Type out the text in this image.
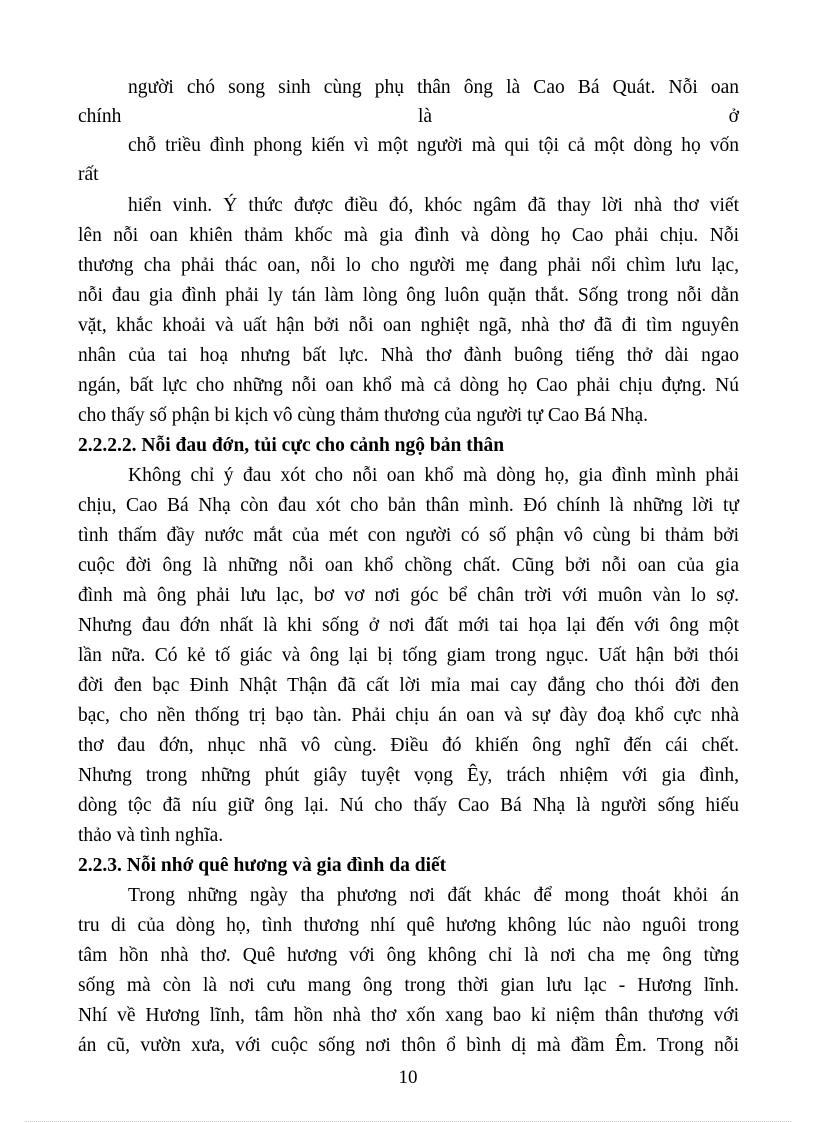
người chó song sinh cùng phụ thân ông là Cao Bá Quát. Nỗi oan
chính là ở
chỗ triều đình phong kiến vì một người mà qui tội cả một dòng họ vốn
rất
hiển vinh. Ý thức được điều đó, khóc ngâm đã thay lời nhà thơ viết
lên nỗi oan khiên thảm khốc mà gia đình và dòng họ Cao phải chịu. Nỗi
thương cha phải thác oan, nỗi lo cho người mẹ đang phải nổi chìm lưu lạc,
nỗi đau gia đình phải ly tán làm lòng ông luôn quặn thắt. Sống trong nỗi dằn
vặt, khắc khoải và uất hận bởi nỗi oan nghiệt ngã, nhà thơ đã đi tìm nguyên
nhân của tai hoạ nhưng bất lực. Nhà thơ đành buông tiếng thở dài ngao
ngán, bất lực cho những nỗi oan khổ mà cả dòng họ Cao phải chịu đựng. Nú
cho thấy số phận bi kịch vô cùng thảm thương của người tự Cao Bá Nhạ.
2.2.2.2. Nỗi đau đớn, tủi cực cho cảnh ngộ bản thân
Không chỉ ý đau xót cho nỗi oan khổ mà dòng họ, gia đình mình phải
chịu, Cao Bá Nhạ còn đau xót cho bản thân mình. Đó chính là những lời tự
tình thấm đầy nước mắt của mét con người có số phận vô cùng bi thảm bởi
cuộc đời ông là những nỗi oan khổ chồng chất. Cũng bởi nỗi oan của gia
đình mà ông phải lưu lạc, bơ vơ nơi góc bể chân trời với muôn vàn lo sợ.
Nhưng đau đớn nhất là khi sống ở nơi đất mới tai họa lại đến với ông một
lần nữa. Có kẻ tố giác và ông lại bị tống giam trong ngục. Uất hận bởi thói
đời đen bạc Đinh Nhật Thận đã cất lời mỉa mai cay đắng cho thói đời đen
bạc, cho nền thống trị bạo tàn. Phải chịu án oan và sự đày đoạ khổ cực nhà
thơ đau đớn, nhục nhã vô cùng. Điều đó khiến ông nghĩ đến cái chết.
Nhưng trong những phút giây tuyệt vọng Êy, trách nhiệm với gia đình,
dòng tộc đã níu giữ ông lại. Nú cho thấy Cao Bá Nhạ là người sống hiếu
thảo và tình nghĩa.
2.2.3. Nỗi nhớ quê hương và gia đình da diết
Trong những ngày tha phương nơi đất khác để mong thoát khỏi án
tru di của dòng họ, tình thương nhí quê hương không lúc nào nguôi trong
tâm hồn nhà thơ. Quê hương với ông không chỉ là nơi cha mẹ ông từng
sống mà còn là nơi cưu mang ông trong thời gian lưu lạc - Hương lĩnh.
Nhí về Hương lĩnh, tâm hồn nhà thơ xốn xang bao kỉ niệm thân thương với
án cũ, vườn xưa, với cuộc sống nơi thôn ổ bình dị mà đầm Êm. Trong nỗi
10
